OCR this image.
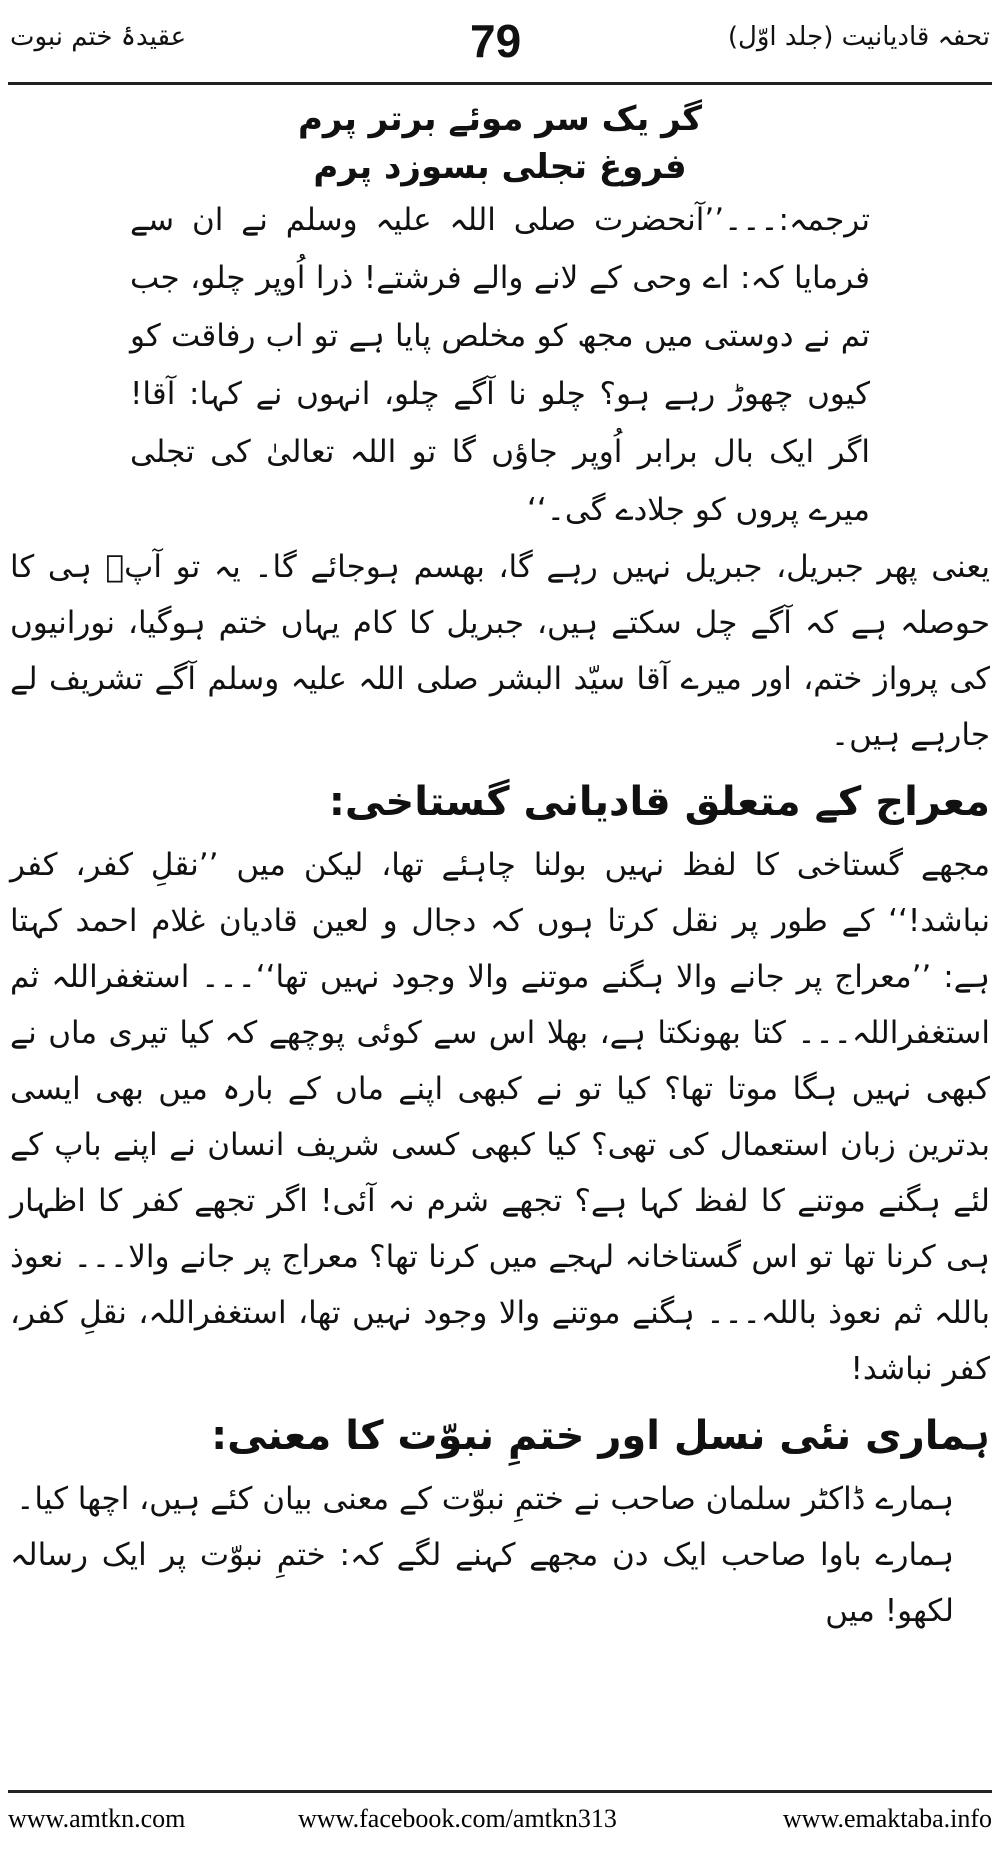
تحفہ قادیانیت (جلد اوّل)
79
عقیدۂ ختم نبوت
گر یک سر موئے برتر پرم
فروغ تجلی بسوزد پرم
ترجمہ:۔۔۔’’آنحضرت صلی اللہ علیہ وسلم نے ان سے فرمایا کہ: اے وحی کے لانے والے فرشتے! ذرا اُوپر چلو، جب تم نے دوستی میں مجھ کو مخلص پایا ہے تو اب رفاقت کو کیوں چھوڑ رہے ہو؟ چلو نا آگے چلو، انہوں نے کہا: آقا! اگر ایک بال برابر اُوپر جاؤں گا تو اللہ تعالیٰ کی تجلی میرے پروں کو جلادے گی۔‘‘
یعنی پھر جبریل، جبریل نہیں رہے گا، بھسم ہوجائے گا۔ یہ تو آپؐ ہی کا حوصلہ ہے کہ آگے چل سکتے ہیں، جبریل کا کام یہاں ختم ہوگیا، نورانیوں کی پرواز ختم، اور میرے آقا سیّد البشر صلی اللہ علیہ وسلم آگے تشریف لے جارہے ہیں۔
معراج کے متعلق قادیانی گستاخی:
مجھے گستاخی کا لفظ نہیں بولنا چاہئے تھا، لیکن میں ’’نقلِ کفر، کفر نباشد!‘‘ کے طور پر نقل کرتا ہوں کہ دجال و لعین قادیان غلام احمد کہتا ہے: ’’معراج پر جانے والا ہگنے موتنے والا وجود نہیں تھا‘‘۔۔۔ استغفراللہ ثم استغفراللہ۔۔۔ کتا بھونکتا ہے، بھلا اس سے کوئی پوچھے کہ کیا تیری ماں نے کبھی نہیں ہگا موتا تھا؟ کیا تو نے کبھی اپنے ماں کے بارہ میں بھی ایسی بدترین زبان استعمال کی تھی؟ کیا کبھی کسی شریف انسان نے اپنے باپ کے لئے ہگنے موتنے کا لفظ کہا ہے؟ تجھے شرم نہ آئی! اگر تجھے کفر کا اظہار ہی کرنا تھا تو اس گستاخانہ لہجے میں کرنا تھا؟ معراج پر جانے والا۔۔۔ نعوذ باللہ ثم نعوذ باللہ۔۔۔ ہگنے موتنے والا وجود نہیں تھا، استغفراللہ، نقلِ کفر، کفر نباشد!
ہماری نئی نسل اور ختمِ نبوّت کا معنی:
ہمارے ڈاکٹر سلمان صاحب نے ختمِ نبوّت کے معنی بیان کئے ہیں، اچھا کیا۔
ہمارے باوا صاحب ایک دن مجھے کہنے لگے کہ: ختمِ نبوّت پر ایک رسالہ لکھو! میں
www.amtkn.com	www.facebook.com/amtkn313	www.emaktaba.info
